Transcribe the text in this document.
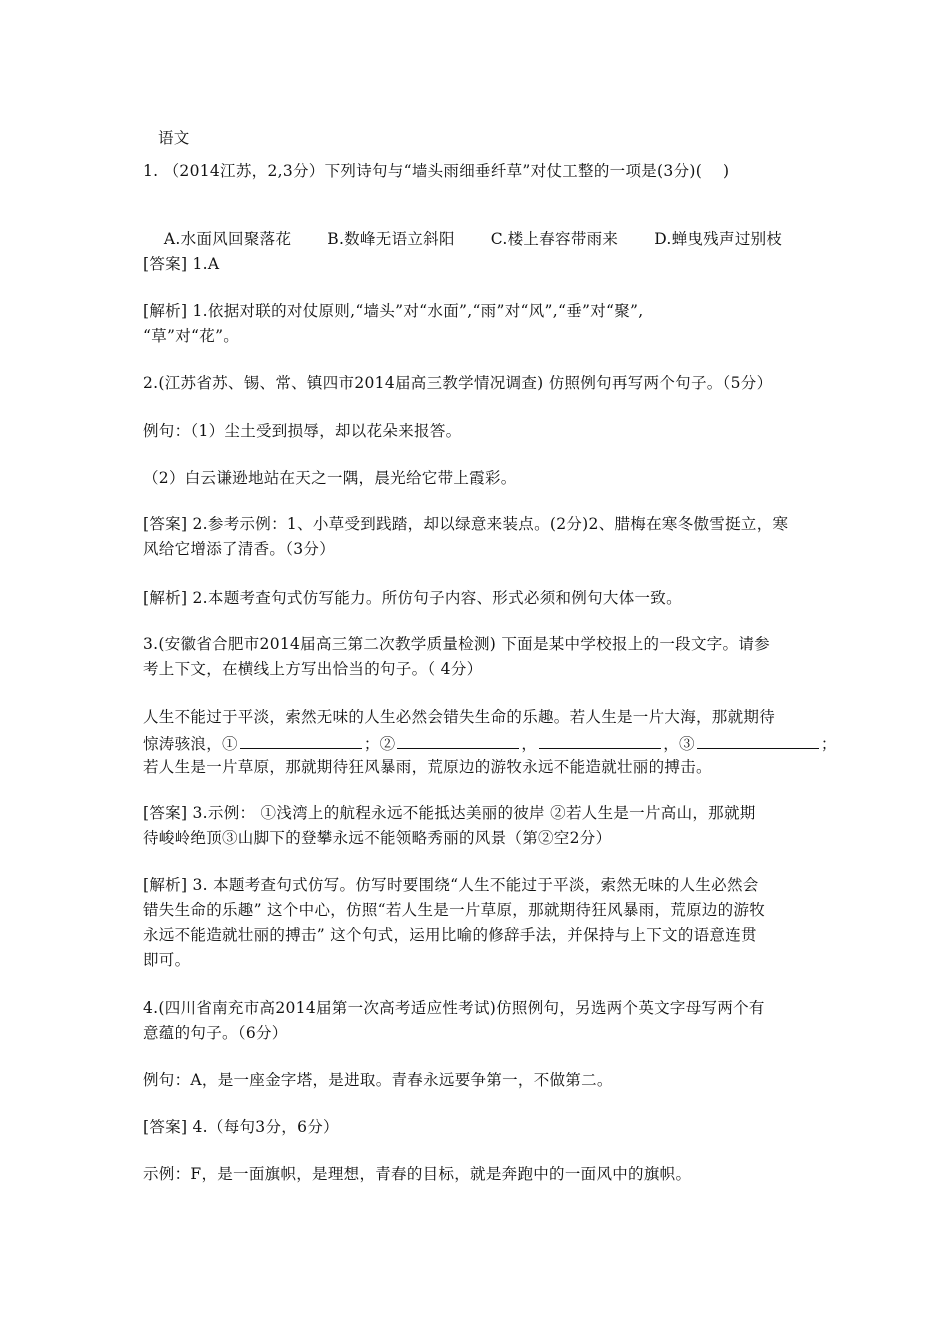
语文
1. （2014江苏，2,3分）下列诗句与“墙头雨细垂纤草”对仗工整的一项是(3分)(    )

A.水面风回聚落花 B.数峰无语立斜阳 C.楼上春容带雨来 D.蝉曳残声过别枝

[答案] 1.A
[解析] 1.依据对联的对仗原则,“墙头”对“水面”,“雨”对“风”,“垂”对“聚”,
“草”对“花”。
2.(江苏省苏、锡、常、镇四市2014届高三教学情况调查) 仿照例句再写两个句子。（5分）
例句：（1）尘土受到损辱，却以花朵来报答。
（2）白云谦逊地站在天之一隅，晨光给它带上霞彩。
[答案] 2.参考示例：1、小草受到践踏，却以绿意来装点。(2分)2、腊梅在寒冬傲雪挺立，寒
风给它增添了清香。（3分）
[解析] 2.本题考查句式仿写能力。所仿句子内容、形式必须和例句大体一致。
3.(安徽省合肥市2014届高三第二次教学质量检测) 下面是某中学校报上的一段文字。请参
考上下文，在横线上方写出恰当的句子。（ 4分）
人生不能过于平淡，索然无味的人生必然会错失生命的乐趣。若人生是一片大海，那就期待
惊涛骇浪，①	；②	，	，③	；
若人生是一片草原，那就期待狂风暴雨，荒原边的游牧永远不能造就壮丽的搏击。
[答案] 3.示例： ①浅湾上的航程永远不能抵达美丽的彼岸 ②若人生是一片高山，那就期
待峻岭绝顶③山脚下的登攀永远不能领略秀丽的风景（第②空2分）
[解析] 3. 本题考查句式仿写。仿写时要围绕“人生不能过于平淡，索然无味的人生必然会
错失生命的乐趣” 这个中心，仿照“若人生是一片草原，那就期待狂风暴雨，荒原边的游牧
永远不能造就壮丽的搏击” 这个句式，运用比喻的修辞手法，并保持与上下文的语意连贯
即可。
4.(四川省南充市高2014届第一次高考适应性考试)仿照例句，另选两个英文字母写两个有
意蕴的句子。（6分）
例句：A，是一座金字塔，是进取。青春永远要争第一，不做第二。
[答案] 4.（每句3分，6分）
示例：F，是一面旗帜，是理想，青春的目标，就是奔跑中的一面风中的旗帜。
